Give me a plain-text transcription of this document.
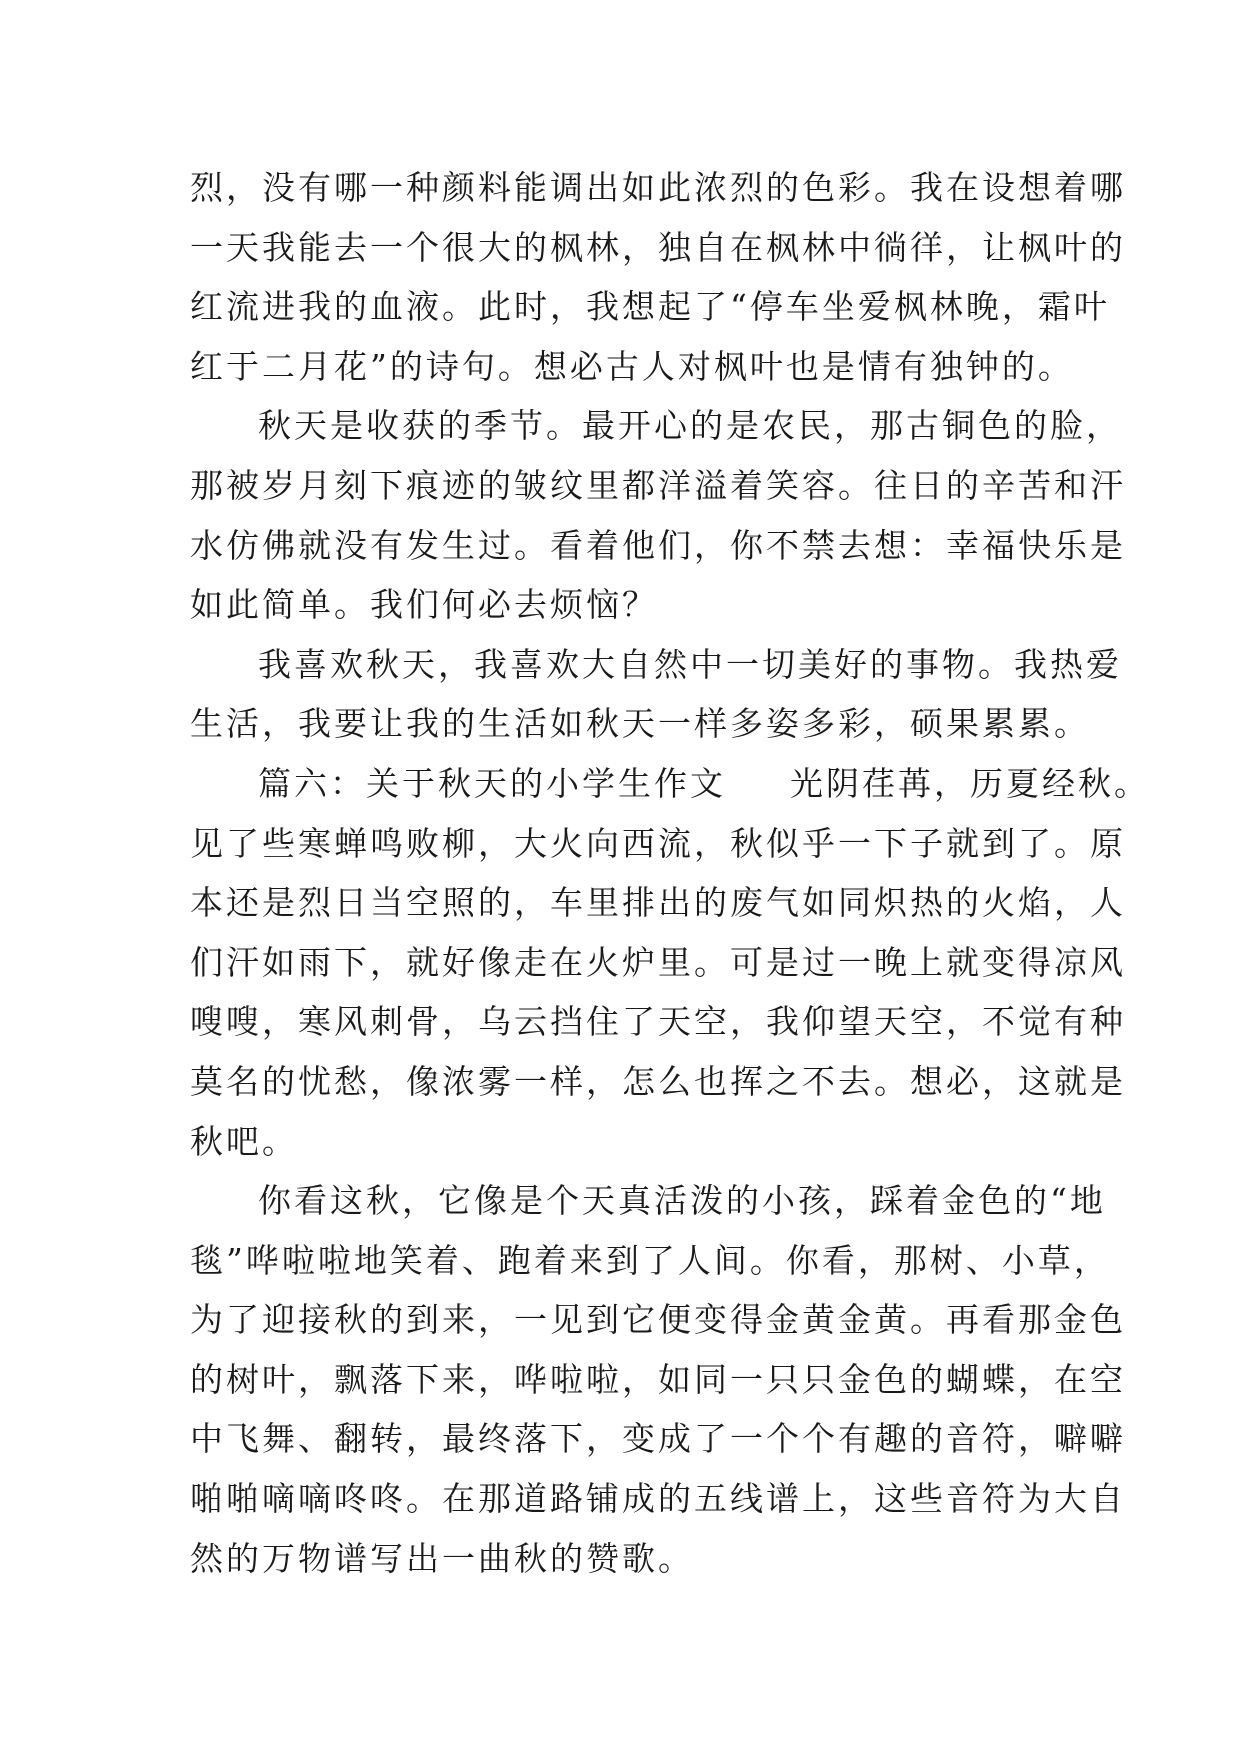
烈，没有哪一种颜料能调出如此浓烈的色彩。我在设想着哪
一天我能去一个很大的枫林，独自在枫林中徜徉，让枫叶的
红流进我的血液。此时，我想起了“停车坐爱枫林晚，霜叶
红于二月花”的诗句。想必古人对枫叶也是情有独钟的。
秋天是收获的季节。最开心的是农民，那古铜色的脸，
那被岁月刻下痕迹的皱纹里都洋溢着笑容。往日的辛苦和汗
水仿佛就没有发生过。看着他们，你不禁去想：幸福快乐是
如此简单。我们何必去烦恼？
我喜欢秋天，我喜欢大自然中一切美好的事物。我热爱
生活，我要让我的生活如秋天一样多姿多彩，硕果累累。
篇六：关于秋天的小学生作文 光阴荏苒，历夏经秋。
见了些寒蝉鸣败柳，大火向西流，秋似乎一下子就到了。原
本还是烈日当空照的，车里排出的废气如同炽热的火焰，人
们汗如雨下，就好像走在火炉里。可是过一晚上就变得凉风
嗖嗖，寒风刺骨，乌云挡住了天空，我仰望天空，不觉有种
莫名的忧愁，像浓雾一样，怎么也挥之不去。想必，这就是
秋吧。
你看这秋，它像是个天真活泼的小孩，踩着金色的“地
毯”哗啦啦地笑着、跑着来到了人间。你看，那树、小草，
为了迎接秋的到来，一见到它便变得金黄金黄。再看那金色
的树叶，飘落下来，哗啦啦，如同一只只金色的蝴蝶，在空
中飞舞、翻转，最终落下，变成了一个个有趣的音符，噼噼
啪啪嘀嘀咚咚。在那道路铺成的五线谱上，这些音符为大自
然的万物谱写出一曲秋的赞歌。
